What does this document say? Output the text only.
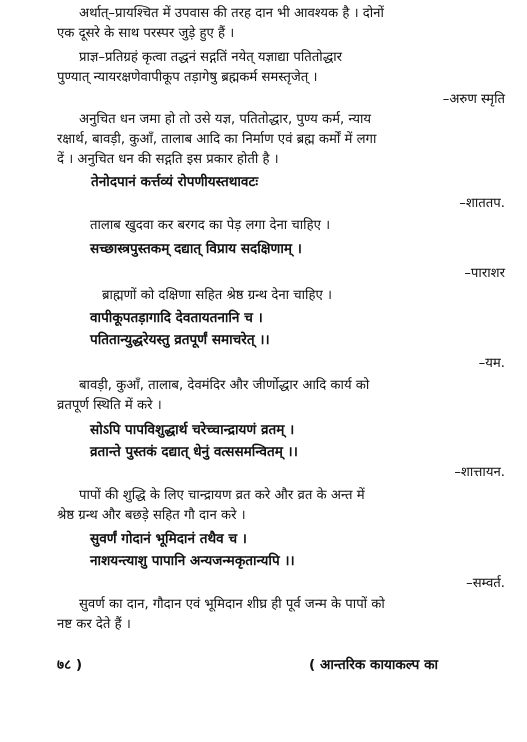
अर्थात्–प्रायश्चित में उपवास की तरह दान भी आवश्यक है । दोनों
एक दूसरे के साथ परस्पर जुड़े हुए हैं ।
प्राज्ञ–प्रतिग्रहं कृत्वा तद्धनं सद्गतिं नयेत् यज्ञाद्या पतितोद्धार
पुण्यात् न्यायरक्षणेवापीकूप तड़ागेषु ब्रह्मकर्म समस्तृजेत् ।
–अरुण स्मृति
अनुचित धन जमा हो तो उसे यज्ञ, पतितोद्धार, पुण्य कर्म, न्याय
रक्षार्थ, बावड़ी, कुआँ, तालाब आदि का निर्माण एवं ब्रह्म कर्मों में लगा
दें । अनुचित धन की सद्गति इस प्रकार होती है ।
तेनोदपानं कर्त्तव्यं रोपणीयस्तथावटः
–शाततप.
तालाब खुदवा कर बरगद का पेड़ लगा देना चाहिए ।
सच्छास्त्रपुस्तकम् दद्यात् विप्राय सदक्षिणाम् ।
–पाराशर
ब्राह्मणों को दक्षिणा सहित श्रेष्ठ ग्रन्थ देना चाहिए ।
वापीकूपतड़ागादि देवतायतनानि च ।
पतितान्युद्धरेयस्तु व्रतपूर्णं समाचरेत् ।।
–यम.
बावड़ी, कुआँ, तालाब, देवमंदिर और जीर्णोद्धार आदि कार्य को
व्रतपूर्ण स्थिति में करे ।
सोऽपि पापविशुद्धार्थ चरेच्चान्द्रायणं व्रतम् ।
व्रतान्ते पुस्तकं दद्यात् धेनुं वत्ससमन्वितम् ।।
–शात्तायन.
पापों की शुद्धि के लिए चान्द्रायण व्रत करे और व्रत के अन्त में
श्रेष्ठ ग्रन्थ और बछड़े सहित गौ दान करे ।
सुवर्णं गोदानं भूमिदानं तथैव च ।
नाशयन्त्याशु पापानि अन्यजन्मकृतान्यपि ।।
–सम्वर्त.
सुवर्ण का दान, गौदान एवं भूमिदान शीघ्र ही पूर्व जन्म के पापों को
नष्ट कर देते हैं ।
७८ )	( आन्तरिक कायाकल्प का
